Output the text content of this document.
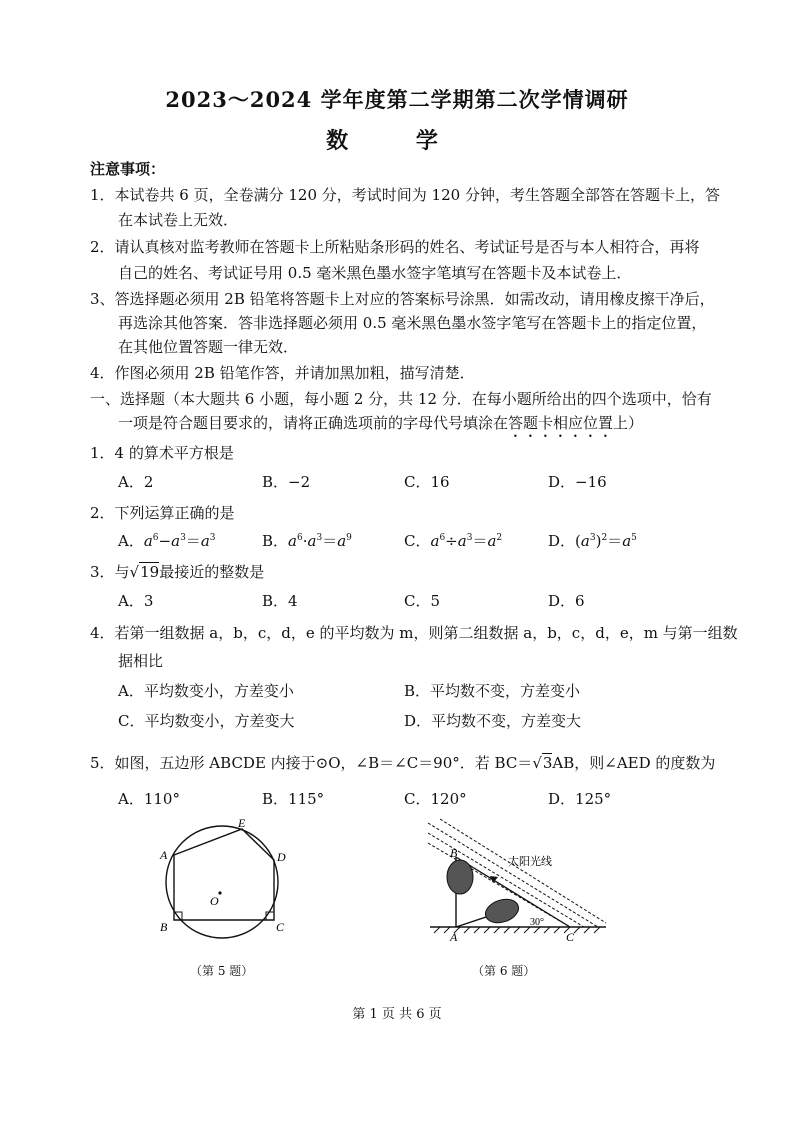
2023～2024 学年度第二学期第二次学情调研
数 学
注意事项：
1．本试卷共 6 页，全卷满分 120 分，考试时间为 120 分钟，考生答题全部答在答题卡上，答
在本试卷上无效．
2．请认真核对监考教师在答题卡上所粘贴条形码的姓名、考试证号是否与本人相符合，再将
自己的姓名、考试证号用 0.5 毫米黑色墨水签字笔填写在答题卡及本试卷上．
3、答选择题必须用 2B 铅笔将答题卡上对应的答案标号涂黑．如需改动，请用橡皮擦干净后，
再选涂其他答案．答非选择题必须用 0.5 毫米黑色墨水签字笔写在答题卡上的指定位置，
在其他位置答题一律无效．
4．作图必须用 2B 铅笔作答，并请加黑加粗，描写清楚．
一、选择题（本大题共 6 小题，每小题 2 分，共 12 分．在每小题所给出的四个选项中，恰有
一项是符合题目要求的，请将正确选项前的字母代号填涂在答题卡相应位置上）
1．4 的算术平方根是
A．2	B．−2	C．16	D．−16
2．下列运算正确的是
A．$a^6-a^3=a^3$	B．$a^6\cdot a^3=a^9$	C．$a^6\div a^3=a^2$	D．$(a^3)^2=a^5$
3．与√19最接近的整数是
A．3	B．4	C．5	D．6
4．若第一组数据 a，b，c，d，e 的平均数为 m，则第二组数据 a，b，c，d，e，m 与第一组数
据相比
A．平均数变小，方差变小	B．平均数不变，方差变小
C．平均数变小，方差变大	D．平均数不变，方差变大
5．如图，五边形 ABCDE 内接于⊙O，∠B＝∠C＝90°．若 BC＝√3AB，则∠AED 的度数为
A．110°	B．115°	C．120°	D．125°
A
B	C
D
E
O
（第 5 题）
太阳光线
30°
B
A	C
（第 6 题）
第 1 页 共 6 页
